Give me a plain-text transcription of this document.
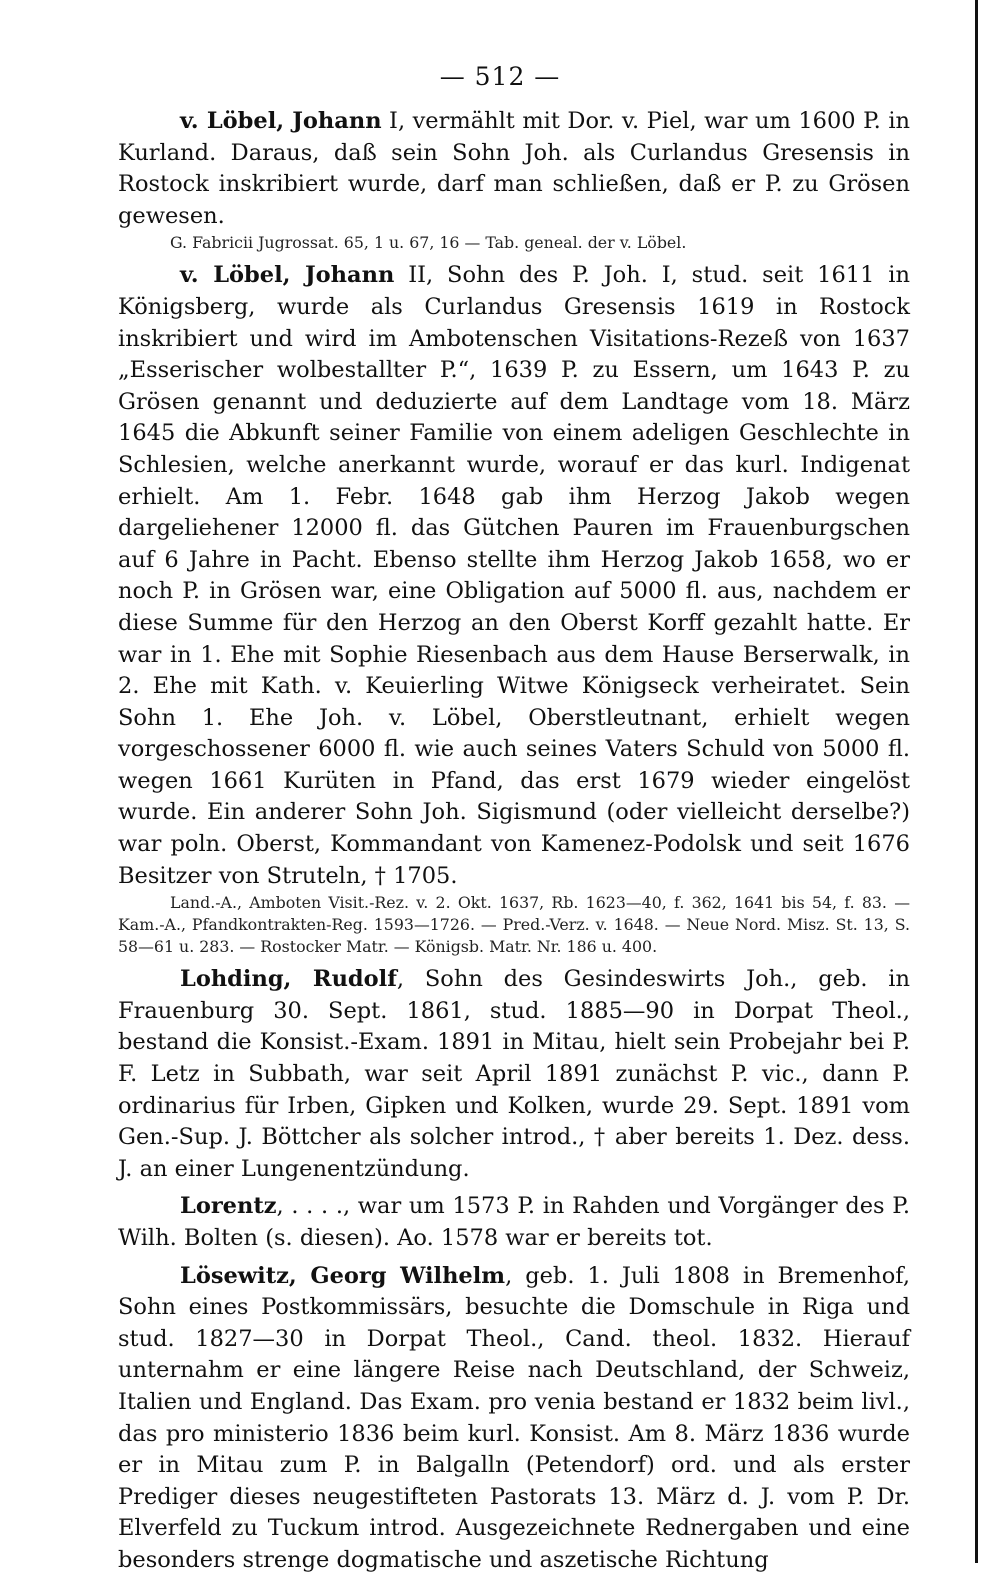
— 512 —

v. Löbel, Johann I, vermählt mit Dor. v. Piel, war um 1600 P. in Kurland. Daraus, daß sein Sohn Joh. als Curlandus Gresensis in Rostock inskribiert wurde, darf man schließen, daß er P. zu Grösen gewesen.

G. Fabricii Jugrossat. 65, 1 u. 67, 16 — Tab. geneal. der v. Löbel.

v. Löbel, Johann II, Sohn des P. Joh. I, stud. seit 1611 in Königsberg, wurde als Curlandus Gresensis 1619 in Rostock inskribiert und wird im Ambotenschen Visitations-Rezeß von 1637 „Esserischer wolbestallter P.“, 1639 P. zu Essern, um 1643 P. zu Grösen genannt und deduzierte auf dem Landtage vom 18. März 1645 die Abkunft seiner Familie von einem adeligen Geschlechte in Schlesien, welche anerkannt wurde, worauf er das kurl. Indigenat erhielt. Am 1. Febr. 1648 gab ihm Herzog Jakob wegen dargeliehener 12000 fl. das Gütchen Pauren im Frauenburgschen auf 6 Jahre in Pacht. Ebenso stellte ihm Herzog Jakob 1658, wo er noch P. in Grösen war, eine Obligation auf 5000 fl. aus, nachdem er diese Summe für den Herzog an den Oberst Korff gezahlt hatte. Er war in 1. Ehe mit Sophie Riesenbach aus dem Hause Berserwalk, in 2. Ehe mit Kath. v. Keuierling Witwe Königseck verheiratet. Sein Sohn 1. Ehe Joh. v. Löbel, Oberstleutnant, erhielt wegen vorgeschossener 6000 fl. wie auch seines Vaters Schuld von 5000 fl. wegen 1661 Kurüten in Pfand, das erst 1679 wieder eingelöst wurde. Ein anderer Sohn Joh. Sigismund (oder vielleicht derselbe?) war poln. Oberst, Kommandant von Kamenez-Podolsk und seit 1676 Besitzer von Struteln, † 1705.

Land.-A., Amboten Visit.-Rez. v. 2. Okt. 1637, Rb. 1623—40, f. 362, 1641 bis 54, f. 83. — Kam.-A., Pfandkontrakten-Reg. 1593—1726. — Pred.-Verz. v. 1648. — Neue Nord. Misz. St. 13, S. 58—61 u. 283. — Rostocker Matr. — Königsb. Matr. Nr. 186 u. 400.

Lohding, Rudolf, Sohn des Gesindeswirts Joh., geb. in Frauenburg 30. Sept. 1861, stud. 1885—90 in Dorpat Theol., bestand die Konsist.-Exam. 1891 in Mitau, hielt sein Probejahr bei P. F. Letz in Subbath, war seit April 1891 zunächst P. vic., dann P. ordinarius für Irben, Gipken und Kolken, wurde 29. Sept. 1891 vom Gen.-Sup. J. Böttcher als solcher introd., † aber bereits 1. Dez. dess. J. an einer Lungenentzündung.

Lorentz, . . . ., war um 1573 P. in Rahden und Vorgänger des P. Wilh. Bolten (s. diesen). Ao. 1578 war er bereits tot.

Lösewitz, Georg Wilhelm, geb. 1. Juli 1808 in Bremenhof, Sohn eines Postkommissärs, besuchte die Domschule in Riga und stud. 1827—30 in Dorpat Theol., Cand. theol. 1832. Hierauf unternahm er eine längere Reise nach Deutschland, der Schweiz, Italien und England. Das Exam. pro venia bestand er 1832 beim livl., das pro ministerio 1836 beim kurl. Konsist. Am 8. März 1836 wurde er in Mitau zum P. in Balgalln (Petendorf) ord. und als erster Prediger dieses neugestifteten Pastorats 13. März d. J. vom P. Dr. Elverfeld zu Tuckum introd. Ausgezeichnete Rednergaben und eine besonders strenge dogmatische und aszetische Richtung
